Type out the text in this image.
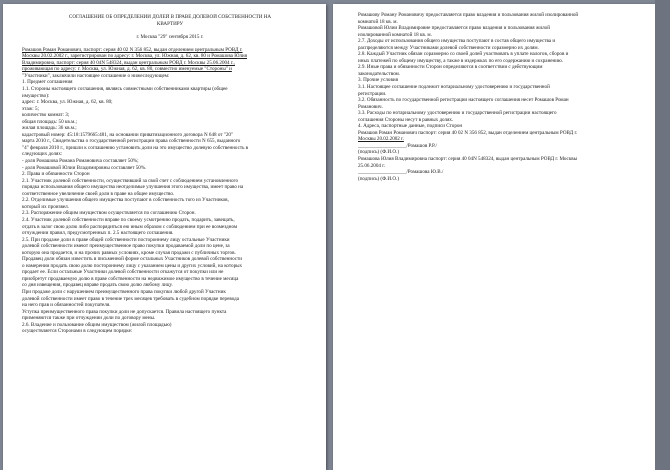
СОГЛАШЕНИЕ ОБ ОПРЕДЕЛЕНИИ ДОЛЕЙ В ПРАВЕ ДОЛЕВОЙ СОБСТВЕННОСТИ НА
КВАРТИРУ
г. Москва "29" сентября 2015 г.
Ромашов Роман Романович, паспорт: серия 40 02 N 356 852, выдан отделением центральным РОВД г.
Москвы 20.02.2002 г., зарегистрирован по адресу: г. Москва, ул. Южная, д. 62, кв. 80 и Ромашова Юлия
Владимировна, паспорт: серия 40 04N 548324, выдан центральным РОВД г. Москвы 25.06.2004 г.,
проживающая по адресу: г. Москва, ул. Южная, д. 62, кв. 80, совместно именуемые "Стороны" и
"Участники", заключили настоящее соглашение о нижеследующем:
1. Предмет соглашения
1.1. Стороны настоящего соглашения, являясь совместными собственниками квартиры (общее
имущество):
адрес: г. Москва, ул. Южная, д. 62, кв. 80;
этаж: 5;
количество комнат: 3;
общая площадь: 50 кв.м.;
жилая площадь: 36 кв.м.;
кадастровый номер: 45:18:1579665:481, на основании приватизационного договора N 648 от "20"
марта 2010 г., Свидетельства о государственной регистрации права собственности N 655, выданного
"4" февраля 2010 г., пришли к соглашению установить доли на это имущество долевую собственность в
следующих долях:
- доля Ромашова Романа Романовича составляет 50%;
- доля Ромашовой Юлии Владимировны составляет 50%.
2. Права и обязанности Сторон
2.1. Участник долевой собственности, осуществивший за свой счет с соблюдением установленного
порядка использования общего имущества неотделимые улучшения этого имущества, имеет право на
соответственное увеличение своей доли в праве на общее имущество.
2.2. Отделимые улучшения общего имущества поступают в собственность того из Участников,
который их произвел.
2.3. Распоряжение общим имуществом осуществляется по соглашению Сторон.
2.4. Участник долевой собственности вправе по своему усмотрению продать, подарить, завещать,
отдать в залог свою долю либо распорядиться ею иным образом с соблюдением при ее возмездном
отчуждении правил, предусмотренных п. 2.5 настоящего соглашения.
2.5. При продаже доли в праве общей собственности постороннему лицу остальные Участники
долевой собственности имеют преимущественное право покупки продаваемой доли по цене, за
которую она продается, и на прочих равных условиях, кроме случая продажи с публичных торгов.
Продавец доли обязан известить в письменной форме остальных Участников долевой собственности
о намерении продать свою долю постороннему лицу с указанием цены и других условий, на которых
продает ее. Если остальные Участники долевой собственности откажутся от покупки или не
приобретут продаваемую долю в праве собственности на недвижимое имущество в течение месяца
со дня извещения, продавец вправе продать свою долю любому лицу.
При продаже доли с нарушением преимущественного права покупки любой другой Участник
долевой собственности имеет право в течение трех месяцев требовать в судебном порядке перевода
на него прав и обязанностей покупателя.
Уступка преимущественного права покупки доли не допускается. Правила настоящего пункта
применяются также при отчуждении доли по договору мены.
2.6. Владение и пользование общим имуществом (жилой площадью)
осуществляется Сторонами в следующем порядке:
Ромашову Роману Романовичу предоставляется право владения и пользования жилой изолированной
комнатой 18 кв. м.
Ромашовой Юлии Владимировне предоставляется право владения и пользования жилой
изолированной комнатой 18 кв. м.
2.7. Доходы от использования общего имущества поступают в состав общего имущества и
распределяются между Участниками долевой собственности соразмерно их долям.
2.8. Каждый Участник обязан соразмерно со своей долей участвовать в уплате налогов, сборов и
иных платежей по общему имуществу, а также в издержках по его содержанию и сохранению.
2.9. Иные права и обязанности Сторон определяются в соответствии с действующим
законодательством.
3. Прочие условия
3.1. Настоящее соглашение подлежит нотариальному удостоверению и государственной
регистрации.
3.2. Обязанность по государственной регистрации настоящего соглашения несет Ромашов Роман
Романович.
3.3. Расходы по нотариальному удостоверению и государственной регистрации настоящего
соглашения Стороны несут в равных долях.
4. Адреса, паспортные данные, подписи Сторон
Ромашов Роман Романович паспорт: серия 40 02 N 356 852, выдан отделением центральным РОВД г.
Москвы 20.02.2002 г.
___________________/Ромашов Р.Р./
(подпись) (Ф.И.О.)
Ромашова Юлия Владимировна паспорт: серия 40 04N 548324, выдан центральным РОВД г. Москвы
25.06.2004 г.
___________________/Ромашова Ю.В./
(подпись) (Ф.И.О.)
